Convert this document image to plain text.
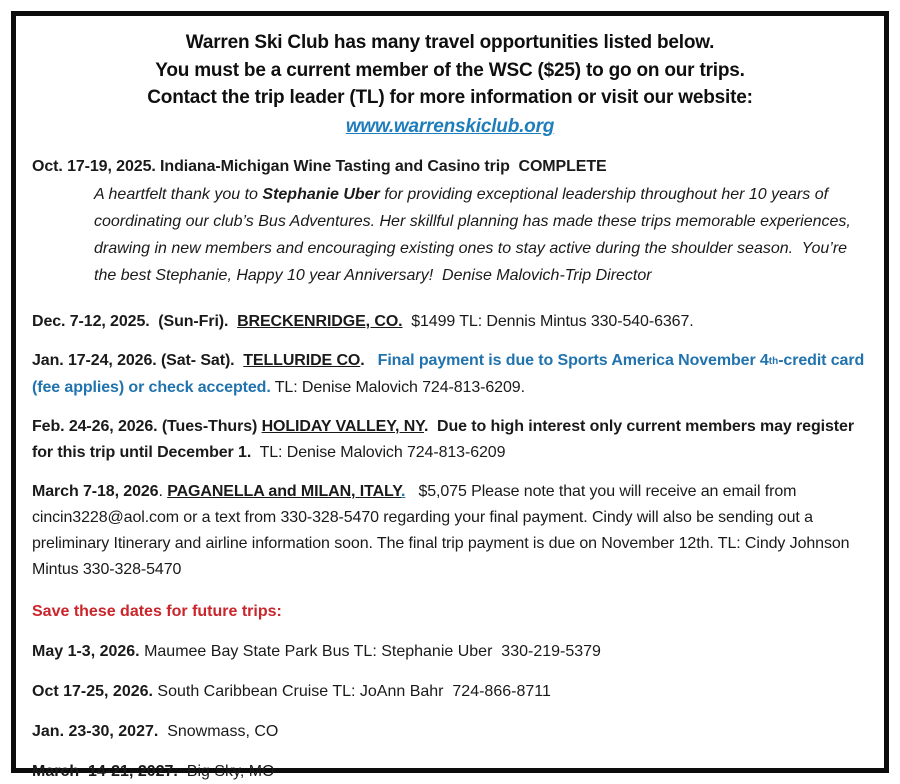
Warren Ski Club has many travel opportunities listed below.
You must be a current member of the WSC ($25) to go on our trips.
Contact the trip leader (TL) for more information or visit our website:
www.warrenskiclub.org

Oct. 17-19, 2025. Indiana-Michigan Wine Tasting and Casino trip  COMPLETE

A heartfelt thank you to Stephanie Uber for providing exceptional leadership throughout her 10 years of coordinating our club’s Bus Adventures. Her skillful planning has made these trips memorable experiences, drawing in new members and encouraging existing ones to stay active during the shoulder season.  You’re the best Stephanie, Happy 10 year Anniversary!  Denise Malovich-Trip Director

Dec. 7-12, 2025.  (Sun-Fri).  BRECKENRIDGE, CO.  $1499 TL: Dennis Mintus 330-540-6367.

Jan. 17-24, 2026. (Sat- Sat).  TELLURIDE CO.   Final payment is due to Sports America November 4th-credit card (fee applies) or check accepted. TL: Denise Malovich 724-813-6209.

Feb. 24-26, 2026. (Tues-Thurs) HOLIDAY VALLEY, NY.  Due to high interest only current members may register for this trip until December 1.  TL: Denise Malovich 724-813-6209

March 7-18, 2026. PAGANELLA and MILAN, ITALY.   $5,075 Please note that you will receive an email from cincin3228@aol.com or a text from 330-328-5470 regarding your final payment. Cindy will also be sending out a preliminary Itinerary and airline information soon. The final trip payment is due on November 12th. TL: Cindy Johnson Mintus 330-328-5470

Save these dates for future trips:

May 1-3, 2026. Maumee Bay State Park Bus TL: Stephanie Uber  330-219-5379

Oct 17-25, 2026. South Caribbean Cruise TL: JoAnn Bahr  724-866-8711

Jan. 23-30, 2027.  Snowmass, CO

March  14-21, 2027.  Big Sky, MO
